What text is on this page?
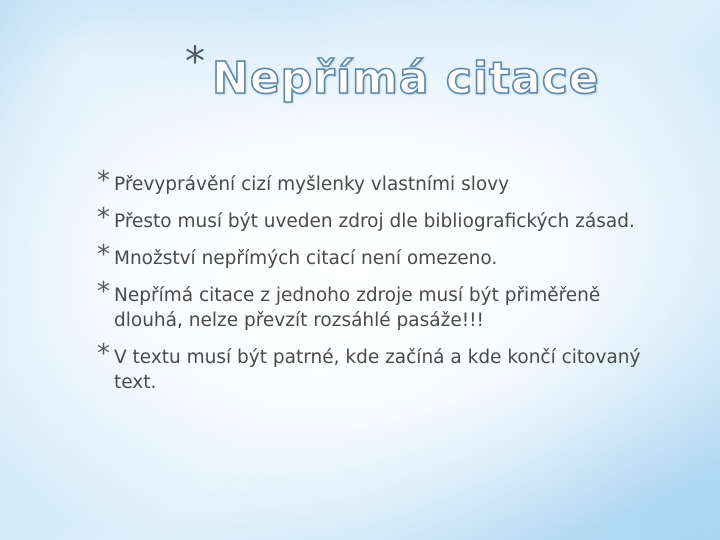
* Nepřímá citace
* Převyprávění cizí myšlenky vlastními slovy
* Přesto musí být uveden zdroj dle bibliografických zásad.
* Množství nepřímých citací není omezeno.
* Nepřímá citace z jednoho zdroje musí být přiměřeně dlouhá, nelze převzít rozsáhlé pasáže!!!
* V textu musí být patrné, kde začíná a kde končí citovaný text.
